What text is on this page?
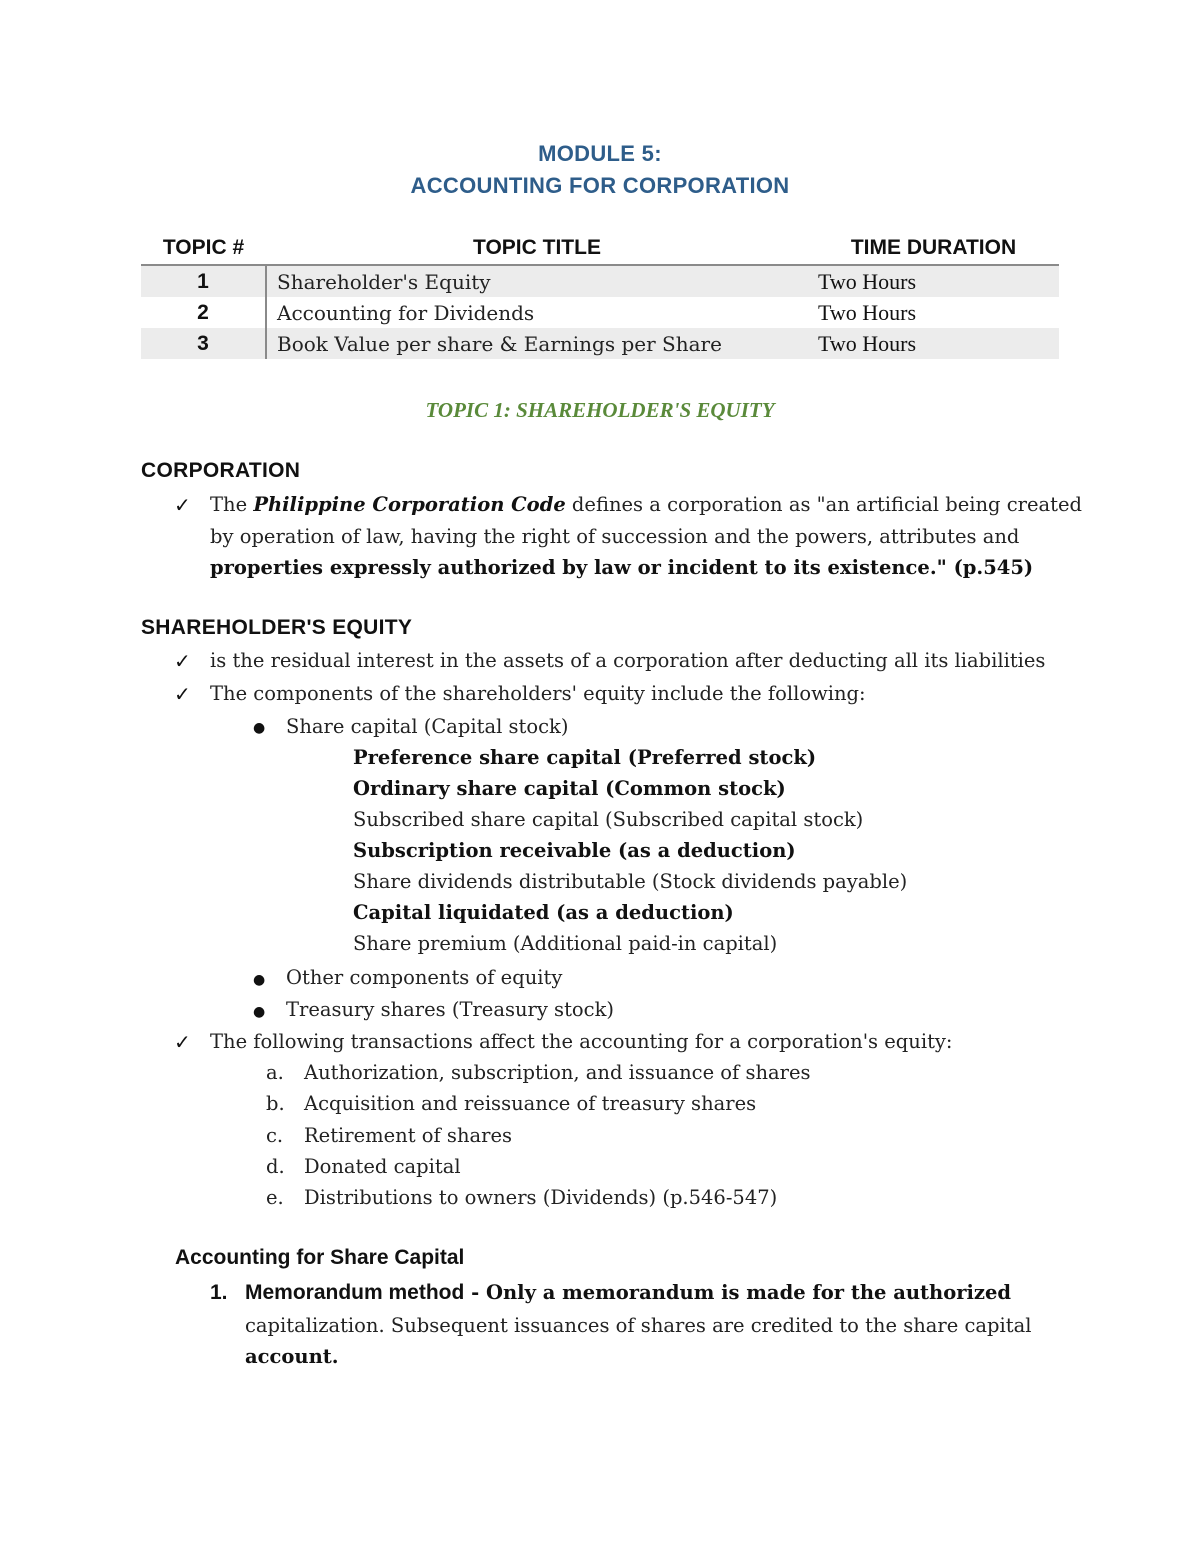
MODULE 5:
ACCOUNTING FOR CORPORATION
TOPIC #	TOPIC TITLE	TIME DURATION
1	Shareholder's Equity	Two Hours
2	Accounting for Dividends	Two Hours
3	Book Value per share & Earnings per Share	Two Hours
TOPIC 1: SHAREHOLDER'S EQUITY
CORPORATION
✓ The Philippine Corporation Code defines a corporation as "an artificial being created
by operation of law, having the right of succession and the powers, attributes and
properties expressly authorized by law or incident to its existence." (p.545)
SHAREHOLDER'S EQUITY
✓ is the residual interest in the assets of a corporation after deducting all its liabilities
✓ The components of the shareholders' equity include the following:
● Share capital (Capital stock)
Preference share capital (Preferred stock)
Ordinary share capital (Common stock)
Subscribed share capital (Subscribed capital stock)
Subscription receivable (as a deduction)
Share dividends distributable (Stock dividends payable)
Capital liquidated (as a deduction)
Share premium (Additional paid-in capital)
● Other components of equity
● Treasury shares (Treasury stock)
✓ The following transactions affect the accounting for a corporation's equity:
a. Authorization, subscription, and issuance of shares
b. Acquisition and reissuance of treasury shares
c. Retirement of shares
d. Donated capital
e. Distributions to owners (Dividends) (p.546-547)
Accounting for Share Capital
1. Memorandum method - Only a memorandum is made for the authorized
capitalization. Subsequent issuances of shares are credited to the share capital
account.
